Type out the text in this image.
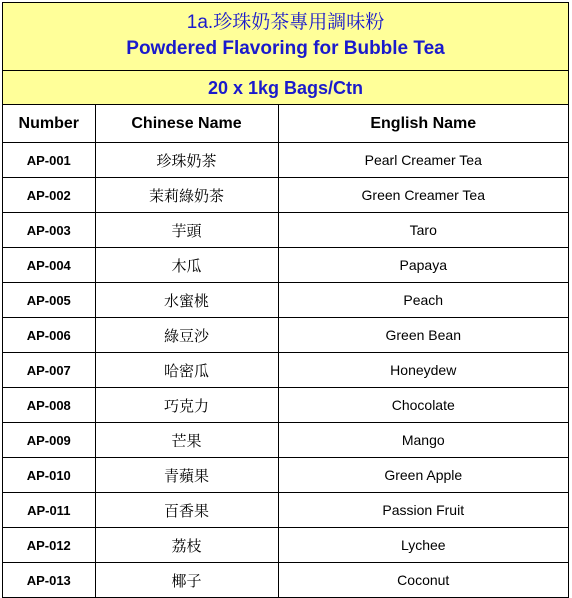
1a.珍珠奶茶專用調味粉
Powdered Flavoring for Bubble Tea
20 x 1kg Bags/Ctn
Number	Chinese Name	English Name
AP-001	珍珠奶茶	Pearl Creamer Tea
AP-002	茉莉綠奶茶	Green Creamer Tea
AP-003	芋頭	Taro
AP-004	木瓜	Papaya
AP-005	水蜜桃	Peach
AP-006	綠豆沙	Green Bean
AP-007	哈密瓜	Honeydew
AP-008	巧克力	Chocolate
AP-009	芒果	Mango
AP-010	青蘋果	Green Apple
AP-011	百香果	Passion Fruit
AP-012	荔枝	Lychee
AP-013	椰子	Coconut
